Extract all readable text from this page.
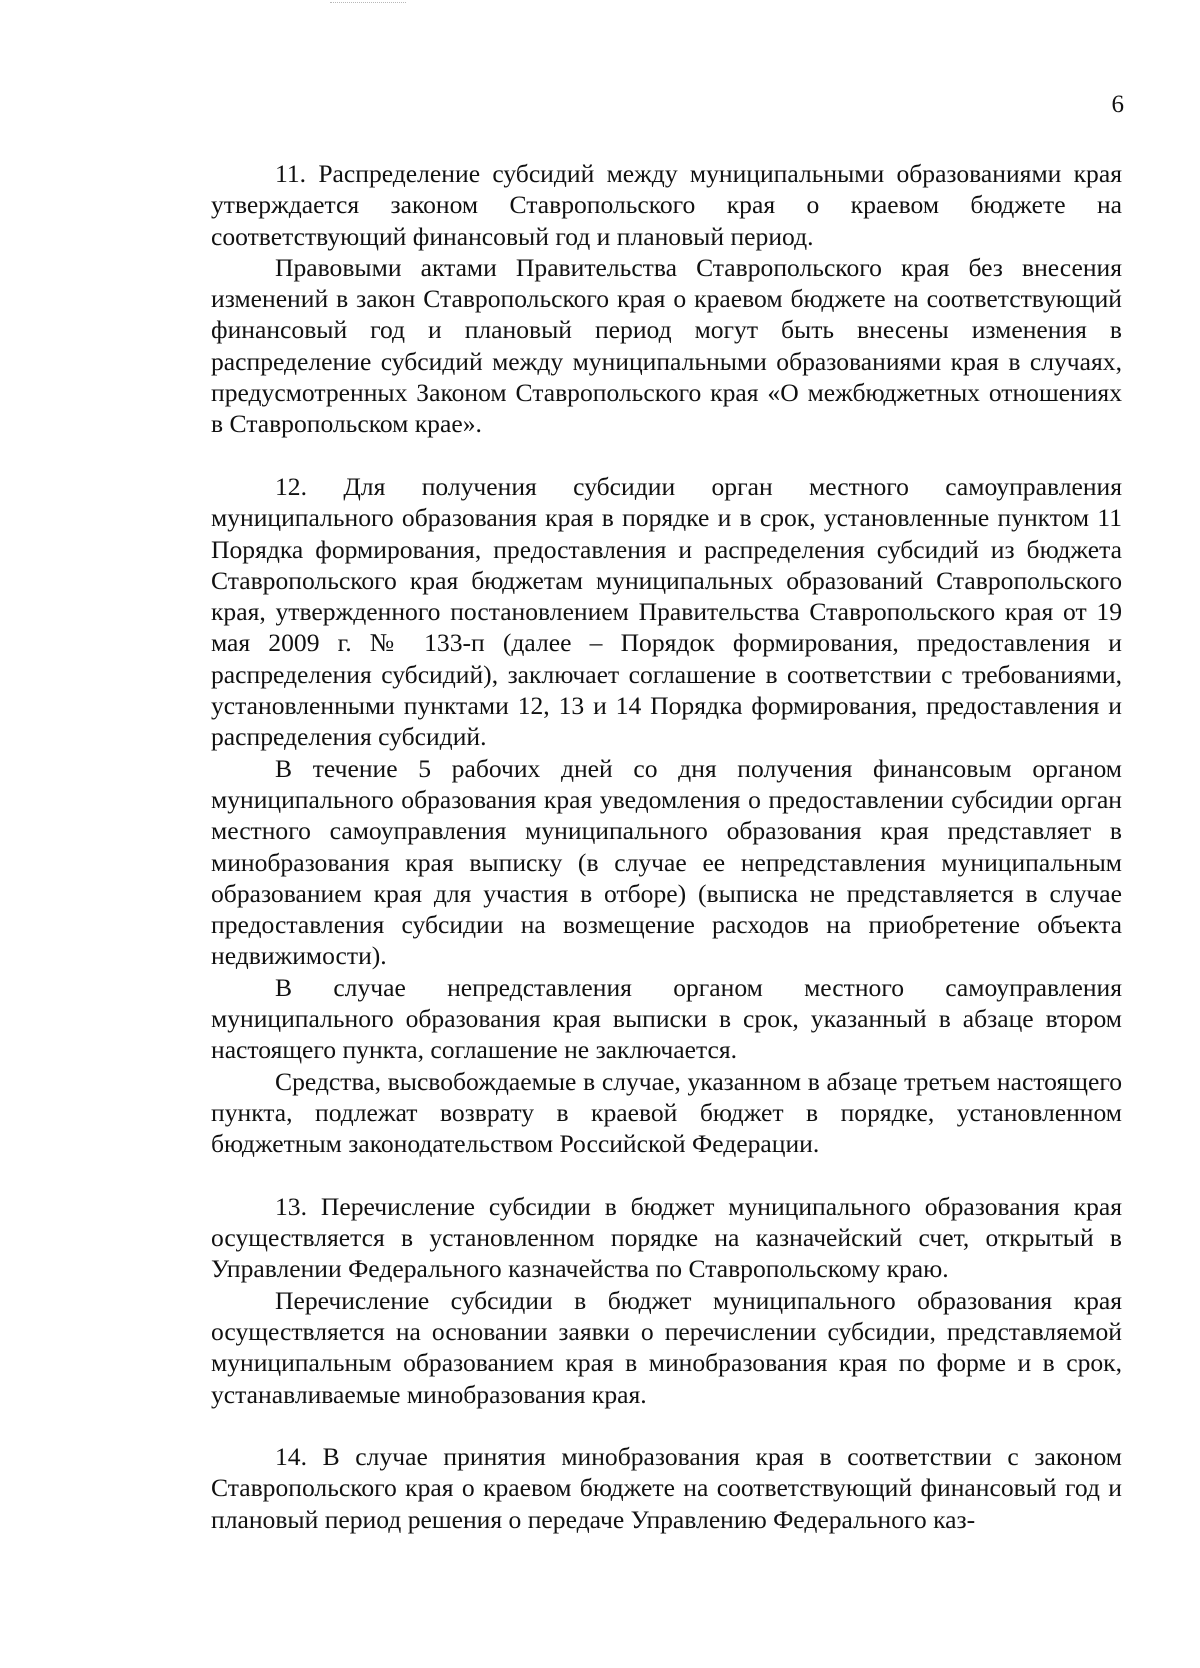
6

11. Распределение субсидий между муниципальными образованиями края утверждается законом Ставропольского края о краевом бюджете на соответствующий финансовый год и плановый период.

Правовыми актами Правительства Ставропольского края без внесения изменений в закон Ставропольского края о краевом бюджете на соответствующий финансовый год и плановый период могут быть внесены изменения в распределение субсидий между муниципальными образованиями края в случаях, предусмотренных Законом Ставропольского края «О межбюджетных отношениях в Ставропольском крае».

12. Для получения субсидии орган местного самоуправления муниципального образования края в порядке и в срок, установленные пунктом 11 Порядка формирования, предоставления и распределения субсидий из бюджета Ставропольского края бюджетам муниципальных образований Ставропольского края, утвержденного постановлением Правительства Ставропольского края от 19 мая 2009 г. № 133-п (далее – Порядок формирования, предоставления и распределения субсидий), заключает соглашение в соответствии с требованиями, установленными пунктами 12, 13 и 14 Порядка формирования, предоставления и распределения субсидий.

В течение 5 рабочих дней со дня получения финансовым органом муниципального образования края уведомления о предоставлении субсидии орган местного самоуправления муниципального образования края представляет в минобразования края выписку (в случае ее непредставления муниципальным образованием края для участия в отборе) (выписка не представляется в случае предоставления субсидии на возмещение расходов на приобретение объекта недвижимости).

В случае непредставления органом местного самоуправления муниципального образования края выписки в срок, указанный в абзаце втором настоящего пункта, соглашение не заключается.

Средства, высвобождаемые в случае, указанном в абзаце третьем настоящего пункта, подлежат возврату в краевой бюджет в порядке, установленном бюджетным законодательством Российской Федерации.

13. Перечисление субсидии в бюджет муниципального образования края осуществляется в установленном порядке на казначейский счет, открытый в Управлении Федерального казначейства по Ставропольскому краю.

Перечисление субсидии в бюджет муниципального образования края осуществляется на основании заявки о перечислении субсидии, представляемой муниципальным образованием края в минобразования края по форме и в срок, устанавливаемые минобразования края.

14. В случае принятия минобразования края в соответствии с законом Ставропольского края о краевом бюджете на соответствующий финансовый год и плановый период решения о передаче Управлению Федерального каз-
